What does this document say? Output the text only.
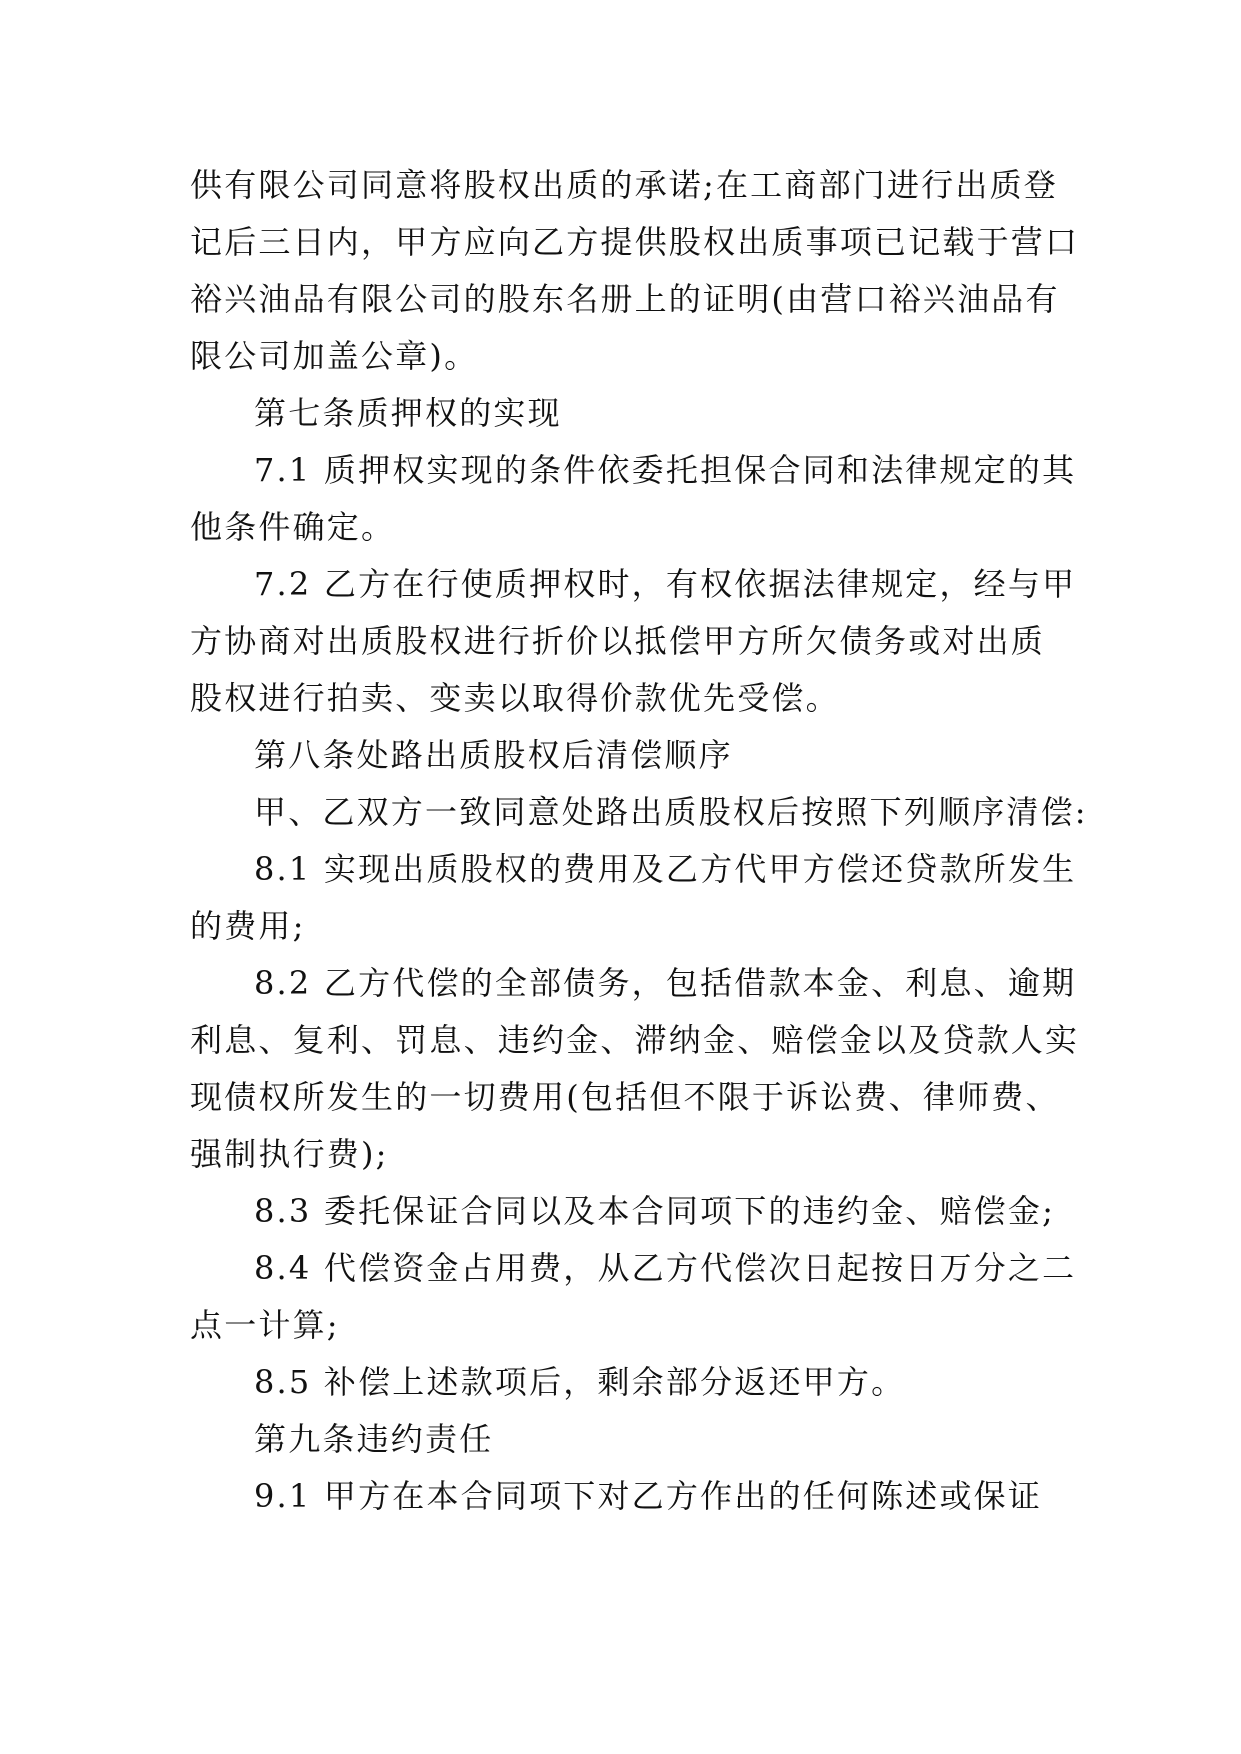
供有限公司同意将股权出质的承诺;在工商部门进行出质登
记后三日内，甲方应向乙方提供股权出质事项已记载于营口
裕兴油品有限公司的股东名册上的证明(由营口裕兴油品有
限公司加盖公章)。
第七条质押权的实现
7.1 质押权实现的条件依委托担保合同和法律规定的其
他条件确定。
7.2 乙方在行使质押权时，有权依据法律规定，经与甲
方协商对出质股权进行折价以抵偿甲方所欠债务或对出质
股权进行拍卖、变卖以取得价款优先受偿。
第八条处路出质股权后清偿顺序
甲、乙双方一致同意处路出质股权后按照下列顺序清偿:
8.1 实现出质股权的费用及乙方代甲方偿还贷款所发生
的费用;
8.2 乙方代偿的全部债务，包括借款本金、利息、逾期
利息、复利、罚息、违约金、滞纳金、赔偿金以及贷款人实
现债权所发生的一切费用(包括但不限于诉讼费、律师费、
强制执行费);
8.3 委托保证合同以及本合同项下的违约金、赔偿金;
8.4 代偿资金占用费，从乙方代偿次日起按日万分之二
点一计算;
8.5 补偿上述款项后，剩余部分返还甲方。
第九条违约责任
9.1 甲方在本合同项下对乙方作出的任何陈述或保证
